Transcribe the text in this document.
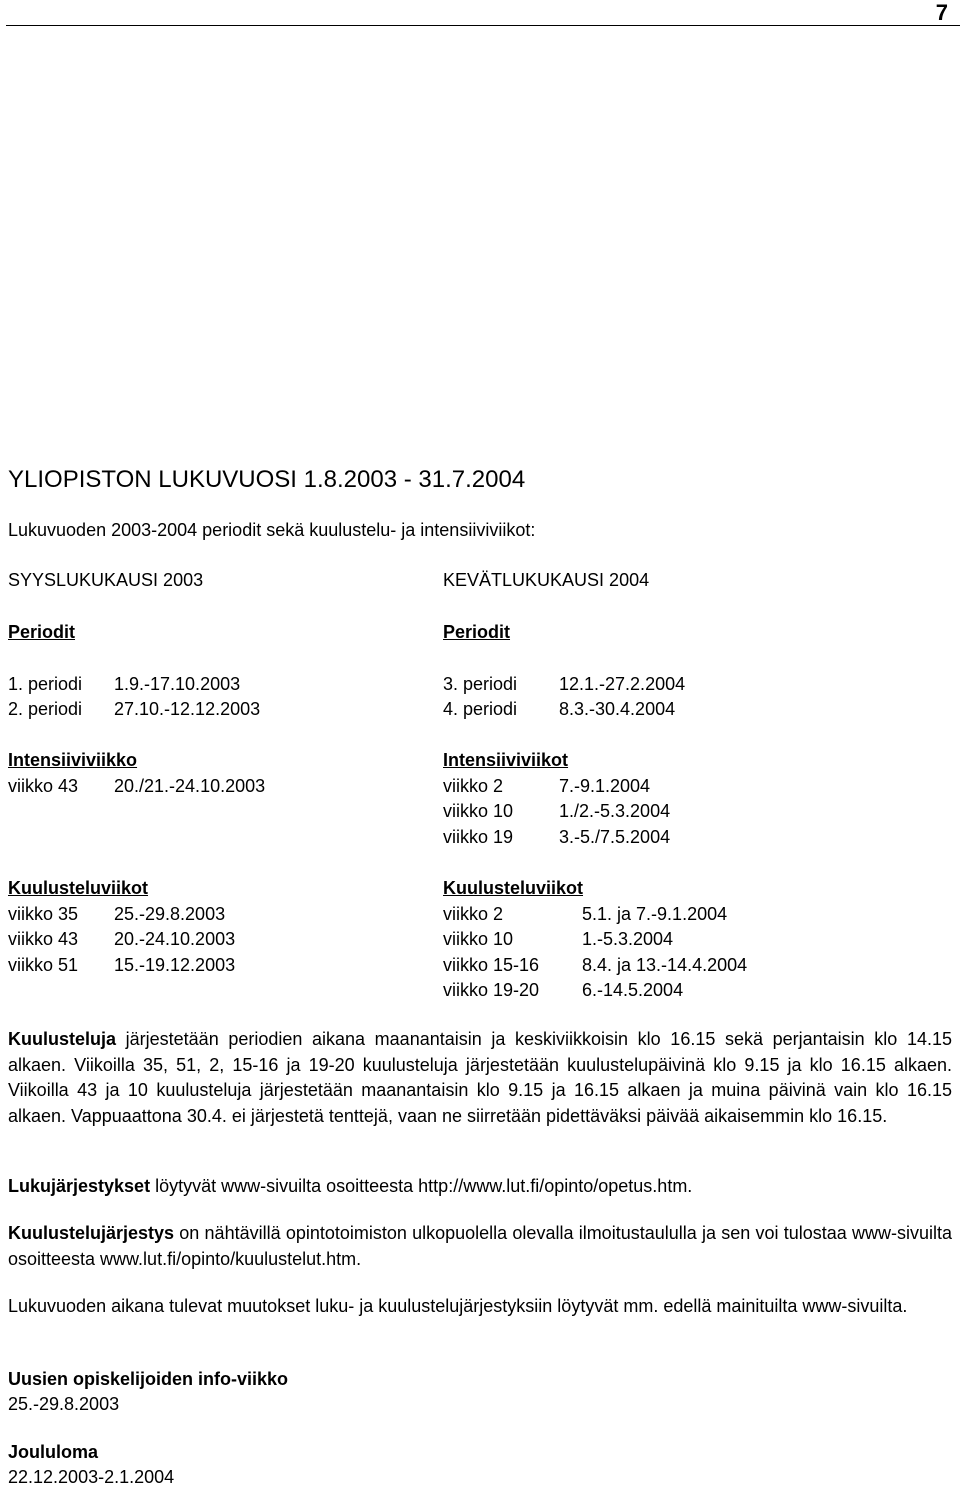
7
YLIOPISTON LUKUVUOSI 1.8.2003 - 31.7.2004
Lukuvuoden 2003-2004 periodit sekä kuulustelu- ja intensiiviviikot:
SYYSLUKUKAUSI 2003	KEVÄTLUKUKAUSI 2004
Periodit	Periodit
1. periodi 1.9.-17.10.2003
2. periodi 27.10.-12.12.2003
3. periodi 12.1.-27.2.2004
4. periodi 8.3.-30.4.2004
Intensiiviviikko	Intensiiviviikot
viikko 43 20./21.-24.10.2003	viikko 2	7.-9.1.2004
viikko 10	1./2.-5.3.2004
viikko 19	3.-5./7.5.2004
Kuulusteluviikot	Kuulusteluviikot
viikko 35 25.-29.8.2003
viikko 43 20.-24.10.2003
viikko 51 15.-19.12.2003
viikko 2	5.1. ja 7.-9.1.2004
viikko 10	1.-5.3.2004
viikko 15-16 8.4. ja 13.-14.4.2004
viikko 19-20 6.-14.5.2004
Kuulusteluja järjestetään periodien aikana maanantaisin ja keskiviikkoisin klo 16.15 sekä perjantaisin klo 14.15 alkaen. Viikoilla 35, 51, 2, 15-16 ja 19-20 kuulusteluja järjestetään kuulustelupäivinä klo 9.15 ja klo 16.15 alkaen. Viikoilla 43 ja 10 kuulusteluja järjestetään maanantaisin klo 9.15 ja 16.15 alkaen ja muina päivinä vain klo 16.15 alkaen. Vappuaattona 30.4. ei järjestetä tenttejä, vaan ne siirretään pidettäväksi päivää aikaisemmin klo 16.15.
Lukujärjestykset löytyvät www-sivuilta osoitteesta http://www.lut.fi/opinto/opetus.htm.
Kuulustelujärjestys on nähtävillä opintotoimiston ulkopuolella olevalla ilmoitustaululla ja sen voi tulostaa www-sivuilta osoitteesta www.lut.fi/opinto/kuulustelut.htm.
Lukuvuoden aikana tulevat muutokset luku- ja kuulustelujärjestyksiin löytyvät mm. edellä mainituilta www-sivuilta.
Uusien opiskelijoiden info-viikko
25.-29.8.2003
Joululoma
22.12.2003-2.1.2004
